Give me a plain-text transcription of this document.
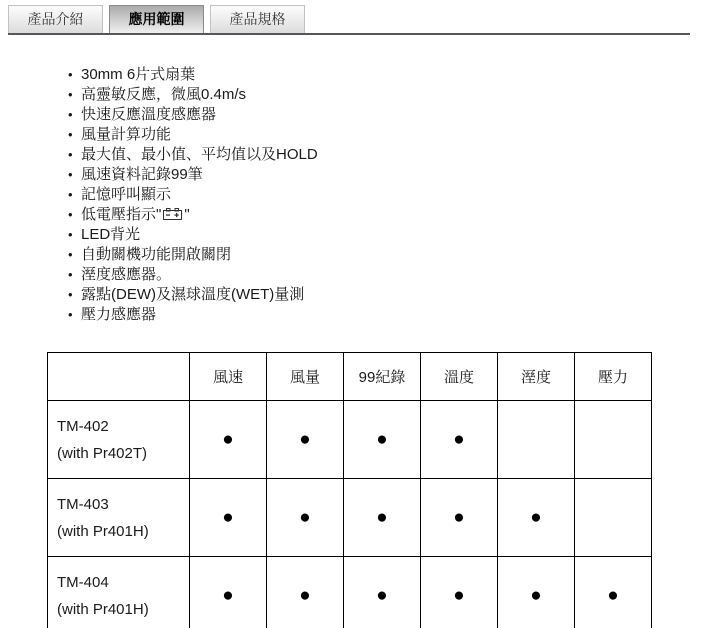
產品介紹	應用範圍	產品規格
• 30mm 6片式扇葉
• 高靈敏反應，微風0.4m/s
• 快速反應溫度感應器
• 風量計算功能
• 最大值、最小值、平均值以及HOLD
• 風速資料記錄99筆
• 記憶呼叫顯示
• 低電壓指示" "
• LED背光
• 自動關機功能開啟關閉
• 溼度感應器。
• 露點(DEW)及濕球溫度(WET)量測
• 壓力感應器
	風速	風量	99紀錄	溫度	溼度	壓力

TM-402
(with Pr402T)	●	●	●	●		

TM-403
(with Pr401H)	●	●	●	●	●	

TM-404
(with Pr401H)	●	●	●	●	●	●
